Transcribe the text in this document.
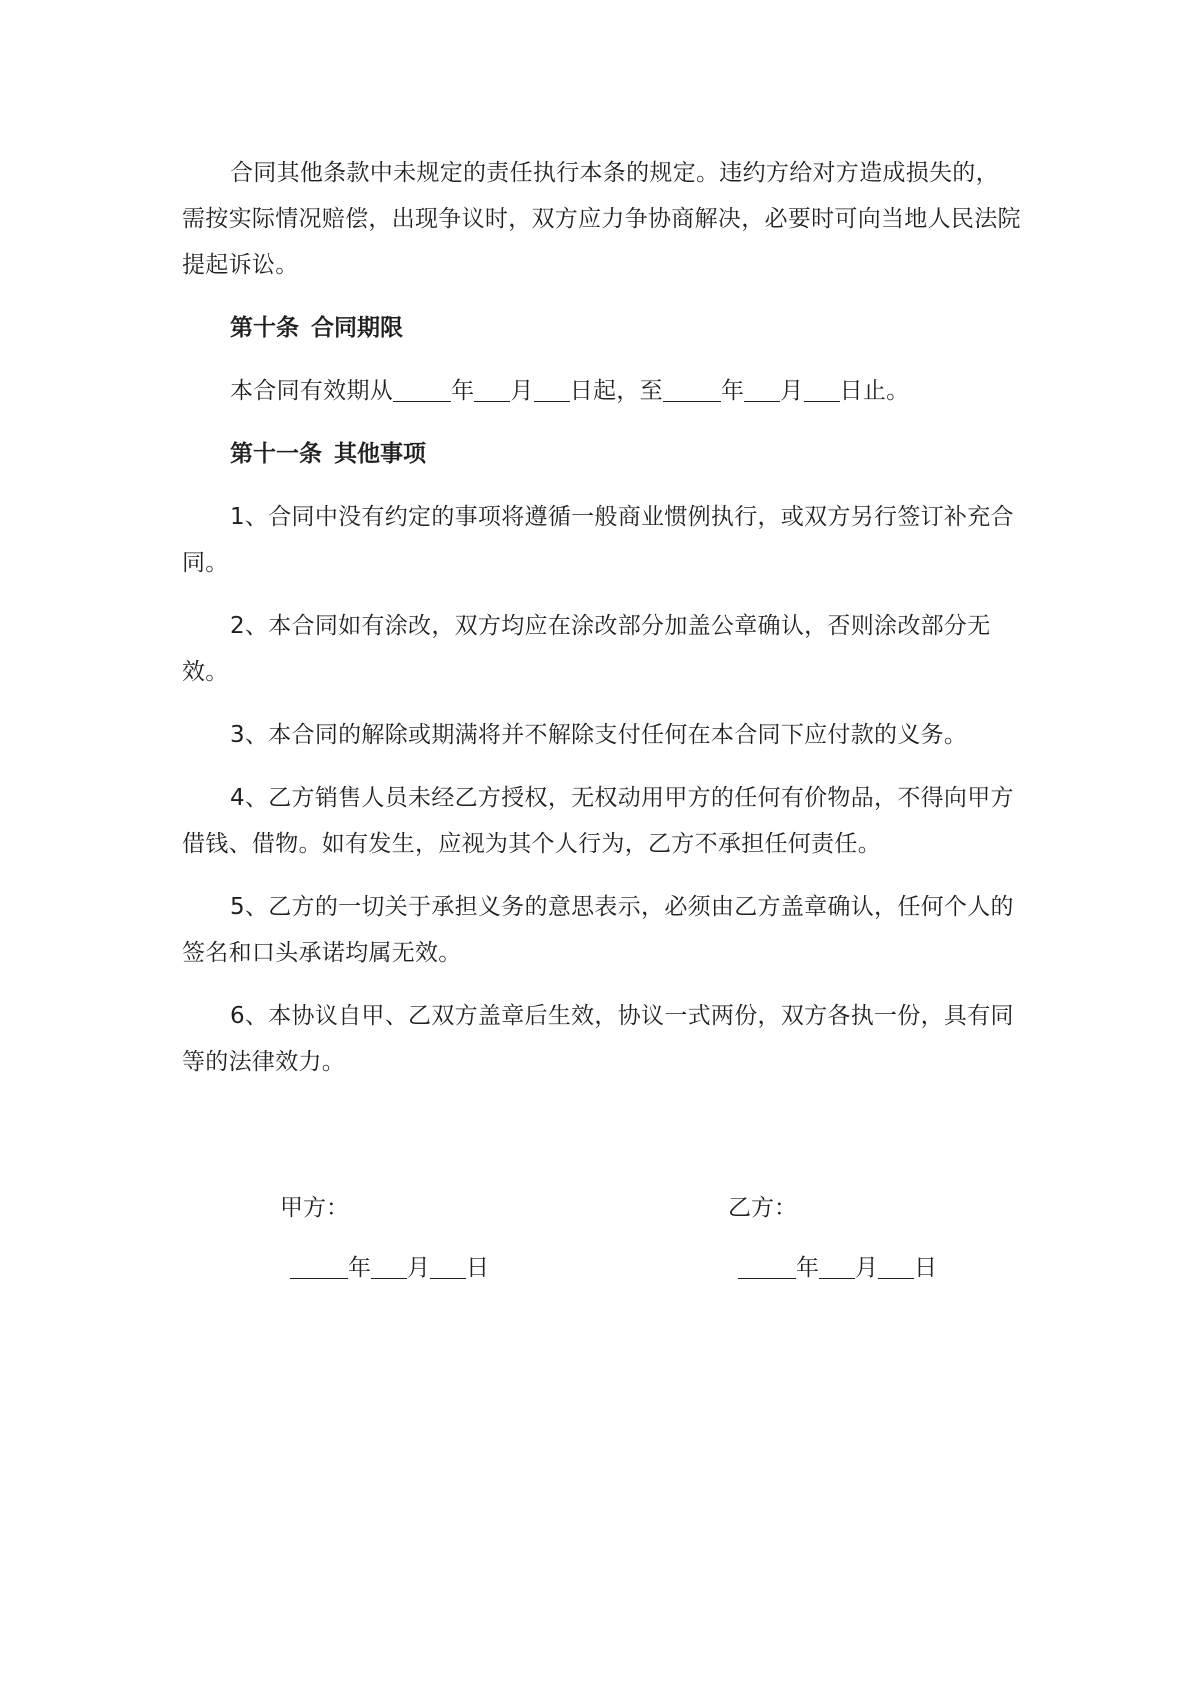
合同其他条款中未规定的责任执行本条的规定。违约方给对方造成损失的，需按实际情况赔偿，出现争议时，双方应力争协商解决，必要时可向当地人民法院提起诉讼。

第十条 合同期限

本合同有效期从	年 月 日起，至	年 月 日止。

第十一条 其他事项

1、合同中没有约定的事项将遵循一般商业惯例执行，或双方另行签订补充合同。

2、本合同如有涂改，双方均应在涂改部分加盖公章确认，否则涂改部分无效。

3、本合同的解除或期满将并不解除支付任何在本合同下应付款的义务。

4、乙方销售人员未经乙方授权，无权动用甲方的任何有价物品，不得向甲方借钱、借物。如有发生，应视为其个人行为，乙方不承担任何责任。

5、乙方的一切关于承担义务的意思表示，必须由乙方盖章确认，任何个人的签名和口头承诺均属无效。

6、本协议自甲、乙双方盖章后生效，协议一式两份，双方各执一份，具有同等的法律效力。

甲方：	乙方：
年 月 日	年 月 日
